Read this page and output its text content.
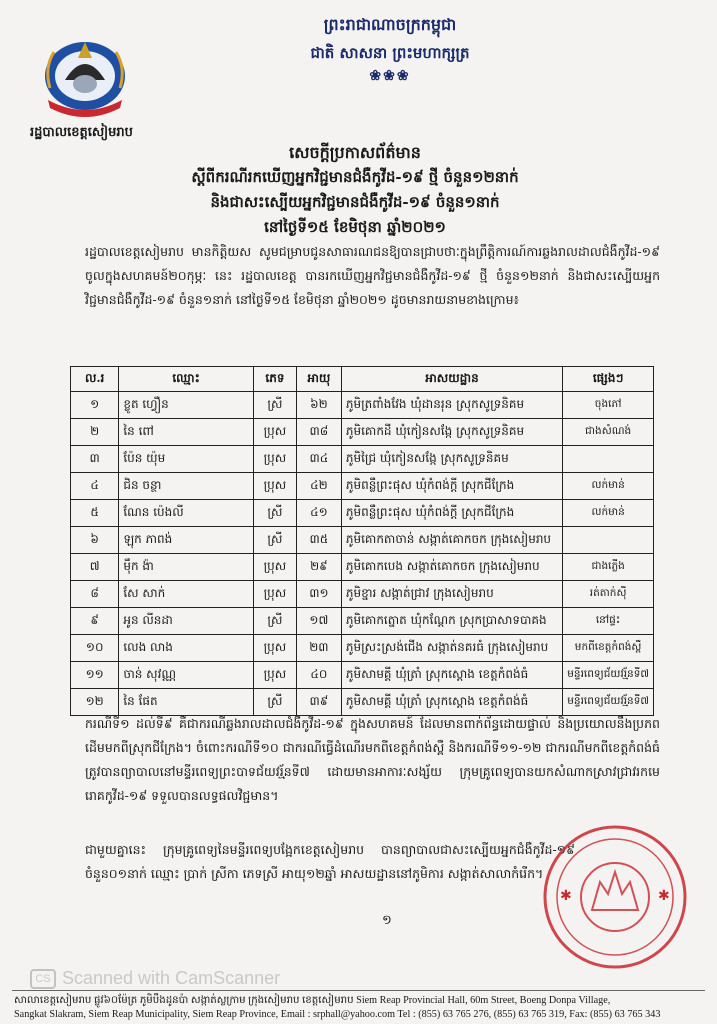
រដ្ឋបាលខេត្តសៀមរាប
ព្រះរាជាណាចក្រកម្ពុជា
ជាតិ សាសនា ព្រះមហាក្សត្រ
❀❀❀
សេចក្តីប្រកាសព័ត៌មាន
ស្តីពីករណីរកឃើញអ្នកវិជ្ជមានជំងឺកូវីដ-១៩ ថ្មី ចំនួន១២នាក់
និងជាសះស្បើយអ្នកវិជ្ជមានជំងឺកូវីដ-១៩ ចំនួន១នាក់
នៅថ្ងៃទី១៥ ខែមិថុនា ឆ្នាំ២០២១
រដ្ឋបាលខេត្តសៀមរាប មានកិត្តិយស សូមជម្រាបជូនសាធារណជនឱ្យបានជ្រាបថាៈក្នុងព្រឹត្តិការណ៍ការឆ្លងរាលដាលជំងឺកូវីដ-១៩ ចូលក្នុងសហគមន៍២០កុម្ភៈ នេះ រដ្ឋបាលខេត្ត បានរកឃើញអ្នកវិជ្ជមានជំងឺកូវីដ-១៩ ថ្មី ចំនួន១២នាក់ និងជាសះស្បើយអ្នកវិជ្ជមានជំងឺកូវីដ-១៩ ចំនួន១នាក់ នៅថ្ងៃទី១៥ ខែមិថុនា ឆ្នាំ២០២១ ដូចមានរាយនាមខាងក្រោម៖
ល.រ	ឈ្មោះ	ភេទ	អាយុ	អាសយដ្ឋាន	ផ្សេងៗ
១	ខ្លូត ហ្វឿន	ស្រី	៦២	ភូមិត្រពាំងវែង ឃុំដានរុន ស្រុកសូទ្រនិគម	ចុងភៅ
២	នៃ ពៅ	ប្រុស	៣៨	ភូមិគោកដី ឃុំកៀនសង្កែ ស្រុកសូទ្រនិគម	ជាងសំណង់
៣	ប៉ែន យ៉ុម	ប្រុស	៣៤	ភូមិជ្រៃ ឃុំកៀនសង្កែ ស្រុកសូទ្រនិគម	
៤	ជិន ចន្ថា	ប្រុស	៤២	ភូមិពន្លឺព្រះផុស ឃុំកំពង់ក្តី ស្រុកជីក្រែង	លក់មាន់
៥	ណែន ប៉េងលី	ស្រី	៤១	ភូមិពន្លឺព្រះផុស ឃុំកំពង់ក្តី ស្រុកជីក្រែង	លក់មាន់
៦	ឡុក ភាពង់	ស្រី	៣៥	ភូមិគោកតាចាន់ សង្កាត់គោកចក ក្រុងសៀមរាប	
៧	ម៉ឹក ង៉ា	ប្រុស	២៩	ភូមិគោកបេង សង្កាត់គោកចក ក្រុងសៀមរាប	ជាងភ្លើង
៨	សែ សាក់	ប្រុស	៣១	ភូមិខ្នារ សង្កាត់ជ្រាវ ក្រុងសៀមរាប	រត់តាក់ស៊ី
៩	អូន លីនដា	ស្រី	១៧	ភូមិគោកត្នោត ឃុំកណ្តែក ស្រុកប្រាសាទបាគង	នៅផ្ទះ
១០	លេង លាង	ប្រុស	២៣	ភូមិស្រះស្រង់ជើង សង្កាត់នគរធំ ក្រុងសៀមរាប	មកពីខេត្តកំពង់ស្ពឺ
១១	ចាន់ សុវណ្ណ	ប្រុស	៤០	ភូមិសាមគ្គី ឃុំត្រាំ ស្រុកស្តោង ខេត្តកំពង់ធំ	មន្ទីរពេទ្យជ័យវរ្ម័នទី៧
១២	នៃ ផែត	ស្រី	៣៩	ភូមិសាមគ្គី ឃុំត្រាំ ស្រុកស្តោង ខេត្តកំពង់ធំ	មន្ទីរពេទ្យជ័យវរ្ម័នទី៧
ករណីទី១ ដល់ទី៩ គឺជាករណីឆ្លងរាលដាលជំងឺកូវីដ-១៩ ក្នុងសហគមន៍ ដែលមានពាក់ព័ន្ធដោយផ្ទាល់ និងប្រយោលនឹងប្រភពដើមមកពីស្រុកជីក្រែង។ ចំពោះករណីទី១០ ជាករណីធ្វើដំណើរមកពីខេត្តកំពង់ស្ពឺ និងករណីទី១១-១២ ជាករណីមកពីខេត្តកំពង់ធំ ត្រូវបានព្យាបាលនៅមន្ទីរពេទ្យព្រះបាទជ័យវរ្ម័នទី៧ ដោយមានអាការៈសង្ស័យ ក្រុមគ្រូពេទ្យបានយកសំណាកស្រាវជ្រាវរកមេរោគកូវីដ-១៩ ទទួលបានលទ្ធផលវិជ្ជមាន។
ជាមួយគ្នានេះ ក្រុមគ្រូពេទ្យនៃមន្ទីរពេទ្យបង្អែកខេត្តសៀមរាប បានព្យាបាលជាសះស្បើយអ្នកជំងឺកូវីដ-១៩ ចំនួន០១នាក់ ឈ្មោះ ប្រាក់ ស្រីកា ភេទស្រី អាយុ១២ឆ្នាំ អាសយដ្ឋាននៅភូមិការ សង្កាត់សាលាកំរើក។
១
✱	✱
CS Scanned with CamScanner
សាលាខេត្តសៀមរាប ផ្លូវ៦០ម៉ែត្រ ភូមិបឹងដូនប៉ា សង្កាត់ស្លក្រាម ក្រុងសៀមរាប ខេត្តសៀមរាប Siem Reap Provincial Hall, 60m Street, Boeng Donpa Village,
Sangkat Slakram, Siem Reap Municipality, Siem Reap Province, Email : srphall@yahoo.com Tel : (855) 63 765 276, (855) 63 765 319, Fax: (855) 63 765 343
